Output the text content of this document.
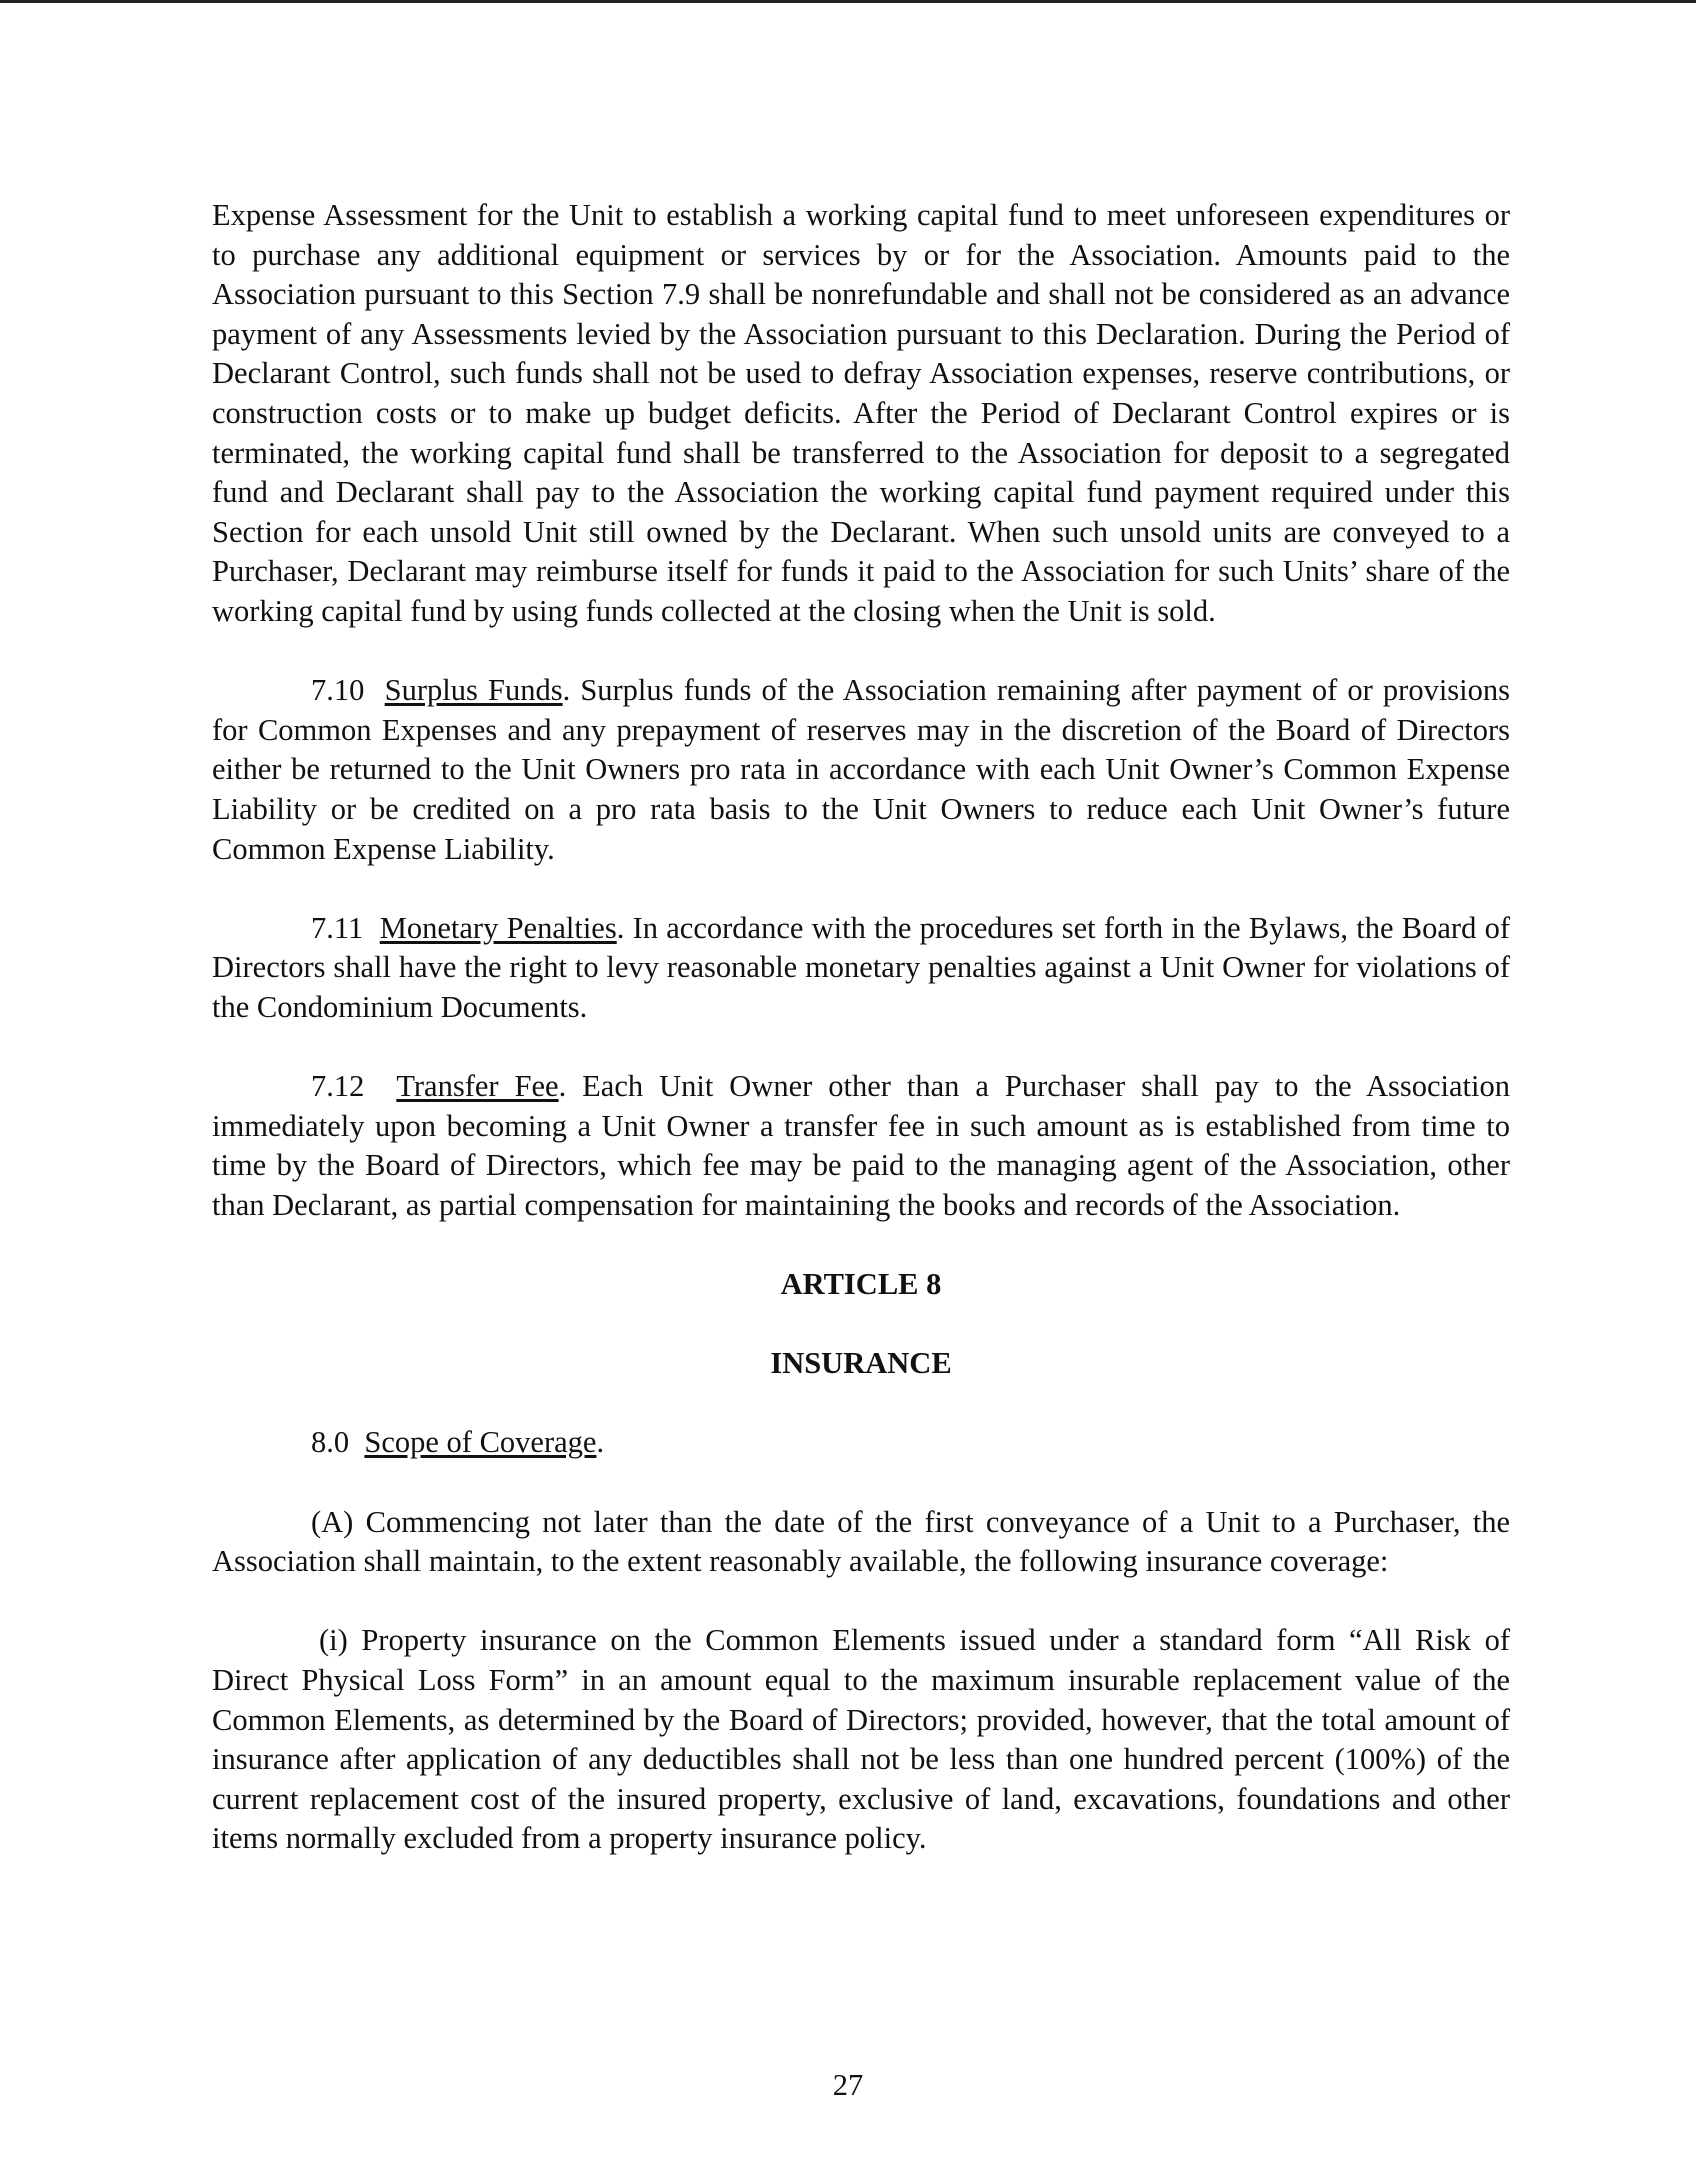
Expense Assessment for the Unit to establish a working capital fund to meet unforeseen expenditures or to purchase any additional equipment or services by or for the Association. Amounts paid to the Association pursuant to this Section 7.9 shall be nonrefundable and shall not be considered as an advance payment of any Assessments levied by the Association pursuant to this Declaration. During the Period of Declarant Control, such funds shall not be used to defray Association expenses, reserve contributions, or construction costs or to make up budget deficits. After the Period of Declarant Control expires or is terminated, the working capital fund shall be transferred to the Association for deposit to a segregated fund and Declarant shall pay to the Association the working capital fund payment required under this Section for each unsold Unit still owned by the Declarant. When such unsold units are conveyed to a Purchaser, Declarant may reimburse itself for funds it paid to the Association for such Units’ share of the working capital fund by using funds collected at the closing when the Unit is sold.

7.10 Surplus Funds. Surplus funds of the Association remaining after payment of or provisions for Common Expenses and any prepayment of reserves may in the discretion of the Board of Directors either be returned to the Unit Owners pro rata in accordance with each Unit Owner’s Common Expense Liability or be credited on a pro rata basis to the Unit Owners to reduce each Unit Owner’s future Common Expense Liability.

7.11 Monetary Penalties. In accordance with the procedures set forth in the Bylaws, the Board of Directors shall have the right to levy reasonable monetary penalties against a Unit Owner for violations of the Condominium Documents.

7.12 Transfer Fee. Each Unit Owner other than a Purchaser shall pay to the Association immediately upon becoming a Unit Owner a transfer fee in such amount as is established from time to time by the Board of Directors, which fee may be paid to the managing agent of the Association, other than Declarant, as partial compensation for maintaining the books and records of the Association.

ARTICLE 8

INSURANCE

8.0 Scope of Coverage.

(A) Commencing not later than the date of the first conveyance of a Unit to a Purchaser, the Association shall maintain, to the extent reasonably available, the following insurance coverage:

(i) Property insurance on the Common Elements issued under a standard form “All Risk of Direct Physical Loss Form” in an amount equal to the maximum insurable replacement value of the Common Elements, as determined by the Board of Directors; provided, however, that the total amount of insurance after application of any deductibles shall not be less than one hundred percent (100%) of the current replacement cost of the insured property, exclusive of land, excavations, foundations and other items normally excluded from a property insurance policy.

27
